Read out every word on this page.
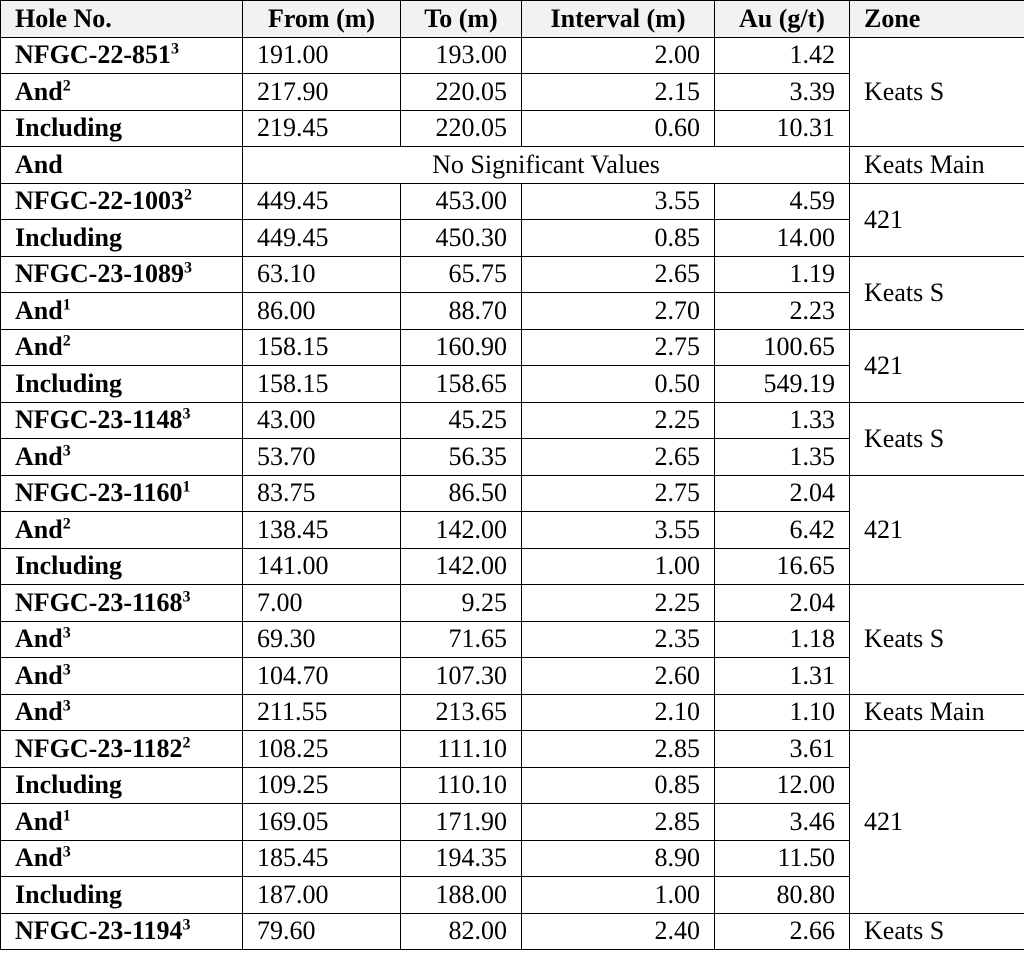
Hole No.	From (m)	To (m)	Interval (m)	Au (g/t)	Zone
NFGC-$22-851^3$	191.00	193.00	2.00	1.42	Keats S
And$^2$	217.90	220.05	2.15	3.39	
Including	219.45	220.05	0.60	10.31	
And	No Significant Values				Keats Main
NFGC-22-1003$^2$	449.45	453.00	3.55	4.59	421
Including	449.45	450.30	0.85	14.00	
NFGC-23-1089$^3$	63.10	65.75	2.65	1.19	Keats S
And$^1$	86.00	88.70	2.70	2.23	
And$^2$	158.15	160.90	2.75	100.65	421
Including	158.15	158.65	0.50	549.19	
NFGC-23-1148$^3$	43.00	45.25	2.25	1.33	Keats S
And$^3$	53.70	56.35	2.65	1.35	
NFGC-23-1160$^1$	83.75	86.50	2.75	2.04	421
And$^2$	138.45	142.00	3.55	6.42	
Including	141.00	142.00	1.00	16.65	
NFGC-23-1168$^3$	7.00	9.25	2.25	2.04	Keats S
And$^3$	69.30	71.65	2.35	1.18	
And$^3$	104.70	107.30	2.60	1.31	
And$^3$	211.55	213.65	2.10	1.10	Keats Main
NFGC-23-1182$^2$	108.25	111.10	2.85	3.61	421
Including	109.25	110.10	0.85	12.00	
And$^1$	169.05	171.90	2.85	3.46	
And$^3$	185.45	194.35	8.90	11.50	
Including	187.00	188.00	1.00	80.80	
NFGC-23-1194$^3$	79.60	82.00	2.40	2.66	Keats S
